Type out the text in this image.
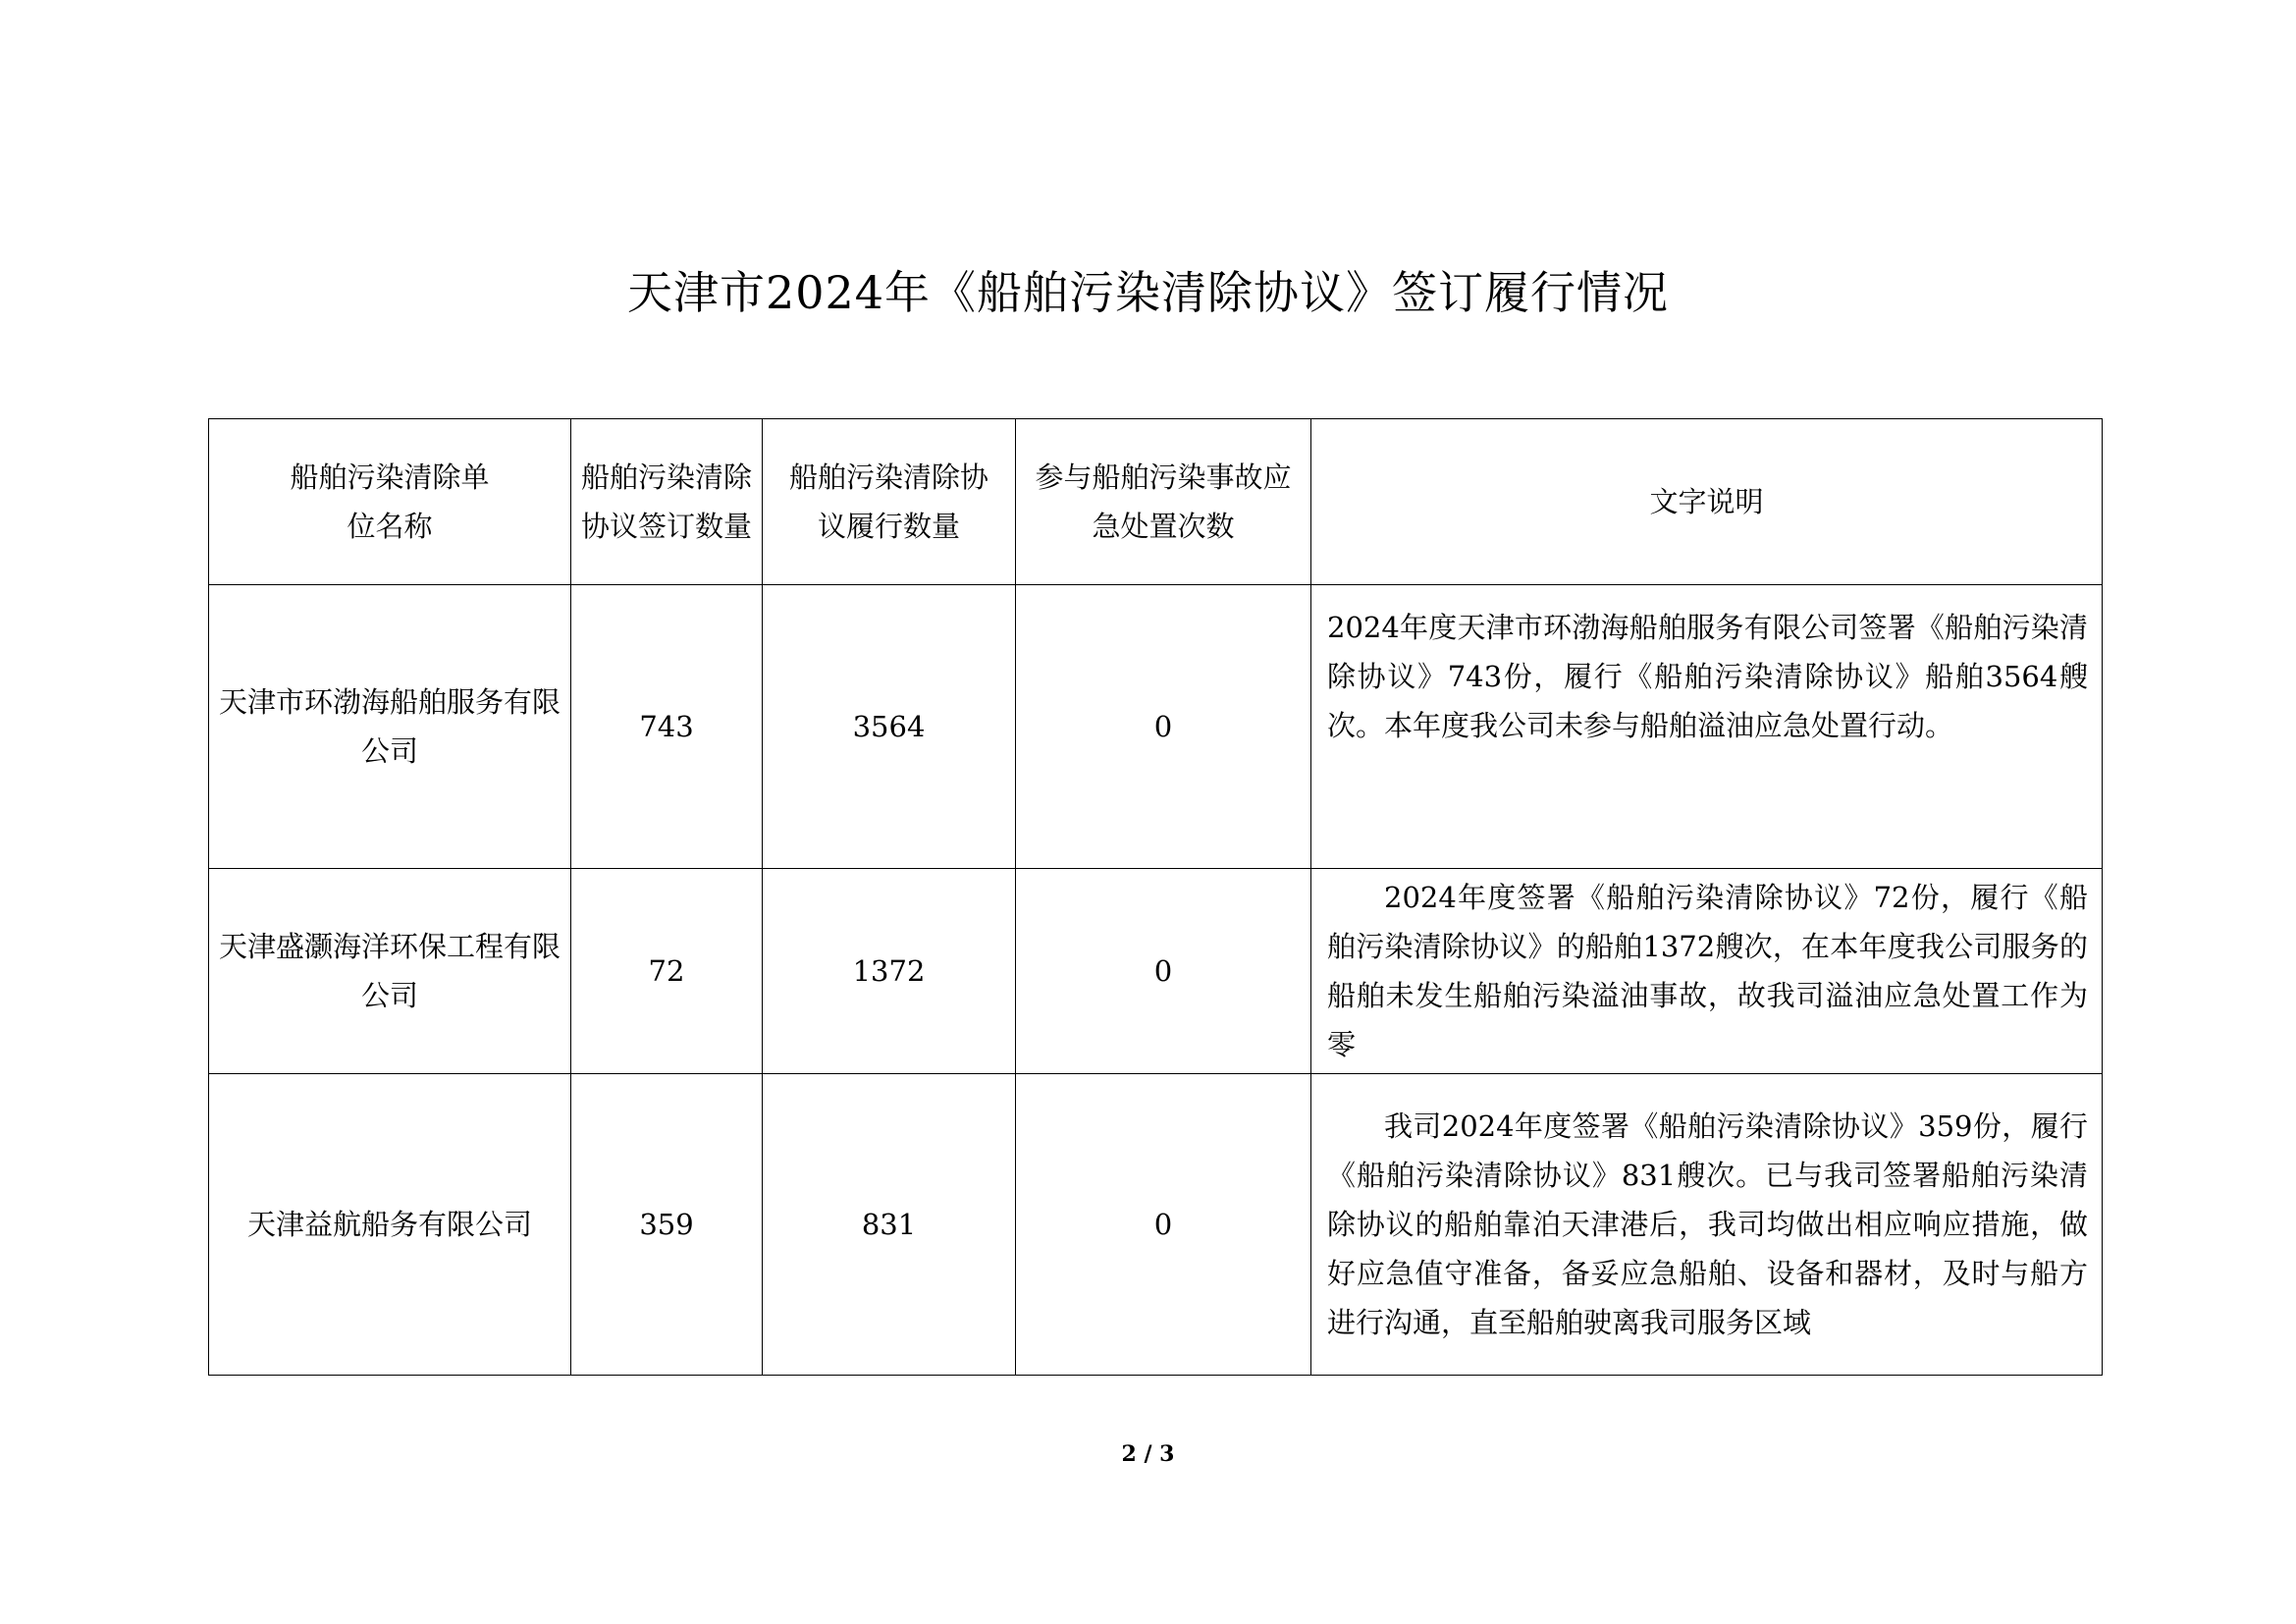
天津市2024年《船舶污染清除协议》签订履行情况
船舶污染清除单位名称	船舶污染清除协议签订数量	船舶污染清除协议履行数量	参与船舶污染事故应急处置次数	文字说明
天津市环渤海船舶服务有限公司	743	3564	0	2024年度天津市环渤海船舶服务有限公司签署《船舶污染清除协议》743份，履行《船舶污染清除协议》船舶3564艘次。本年度我公司未参与船舶溢油应急处置行动。
天津盛灏海洋环保工程有限公司	72	1372	0	2024年度签署《船舶污染清除协议》72份，履行《船舶污染清除协议》的船舶1372艘次，在本年度我公司服务的船舶未发生船舶污染溢油事故，故我司溢油应急处置工作为零
天津益航船务有限公司	359	831	0	我司2024年度签署《船舶污染清除协议》359份，履行《船舶污染清除协议》831艘次。已与我司签署船舶污染清除协议的船舶靠泊天津港后，我司均做出相应响应措施，做好应急值守准备，备妥应急船舶、设备和器材，及时与船方进行沟通，直至船舶驶离我司服务区域
2 / 3
